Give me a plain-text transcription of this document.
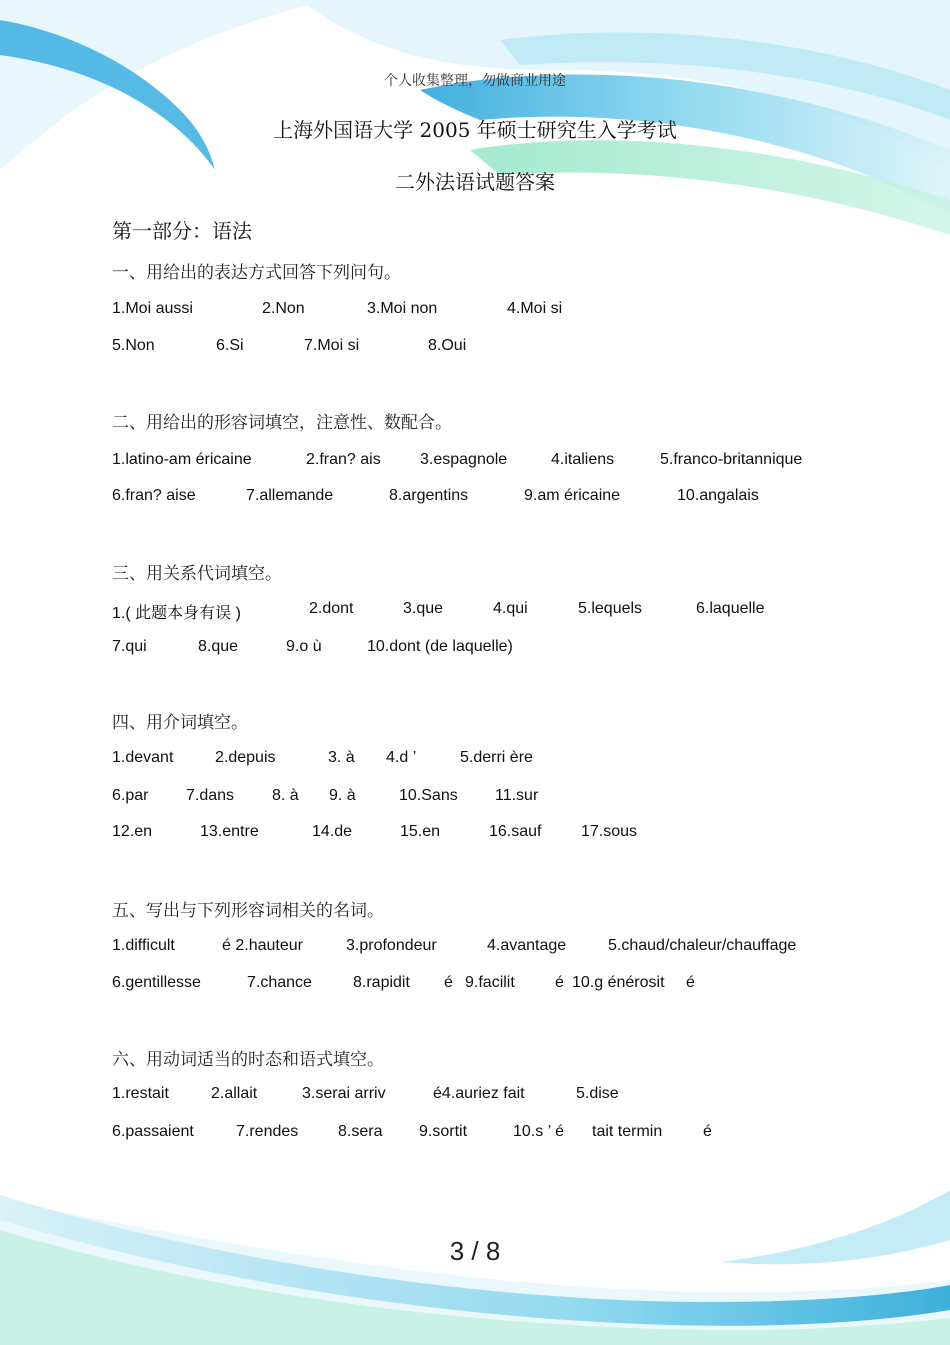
个人收集整理，勿做商业用途
上海外国语大学 2005 年硕士研究生入学考试
二外法语试题答案
第一部分：语法
一、用给出的表达方式回答下列问句。
1.Moi aussi	2.Non	3.Moi non	4.Moi si
5.Non	6.Si	7.Moi si	8.Oui
二、用给出的形容词填空，注意性、数配合。
1.latino-am éricaine	2.fran? ais 3.espagnole	4.italiens	5.franco-britannique
6.fran? aise	7.allemande	8.argentins	9.am éricaine	10.angalais
三、用关系代词填空。
1.( 此题本身有误 )	2.dont	3.que	4.qui	5.lequels	6.laquelle
7.qui	8.que	9.o ù	10.dont (de laquelle)
四、用介词填空。
1.devant	2.depuis	3. à 4.d ’	5.derri ère
6.par 7.dans 8. à 9. à	10.Sans 11.sur
12.en	13.entre	14.de	15.en	16.sauf 17.sous
五、写出与下列形容词相关的名词。
1.difficult	é 2.hauteur	3.profondeur	4.avantage	5.chaud/chaleur/chauffage
6.gentillesse	7.chance	8.rapidit é 9.facilit	é 10.g énérosit é
六、用动词适当的时态和语式填空。
1.restait	2.allait	3.serai arriv	é4.auriez fait	5.dise
6.passaient	7.rendes 8.sera 9.sortit	10.s ’ é tait termin	é
3 / 8
